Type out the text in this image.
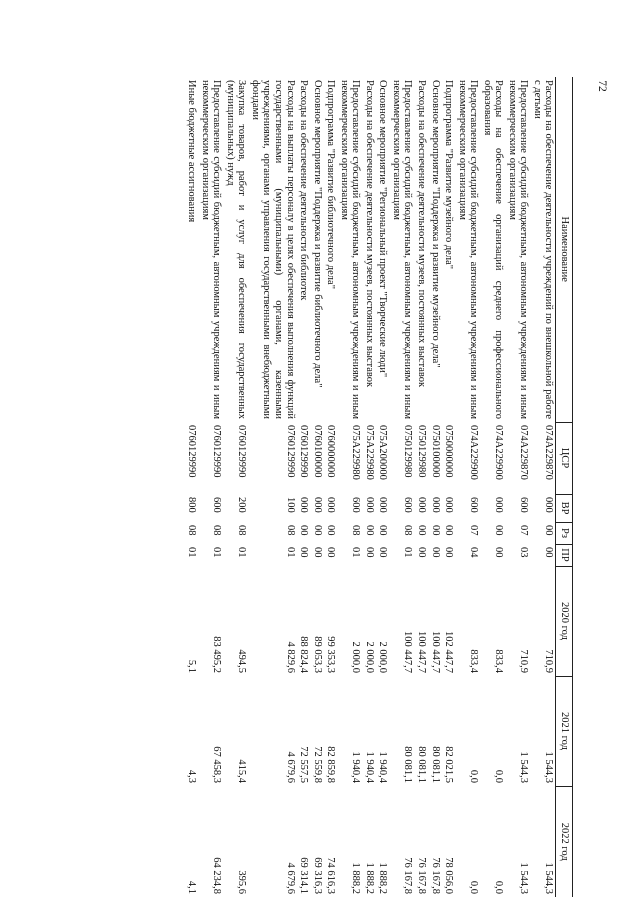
72
Наименование	ЦСР	ВР	Рз	ПР	2020 год	2021 год	2022 год
Расходы на обеспечение деятельности учреждений по внешкольной работе с детьми	074A229870	000	00	00	710,9	1 544,3	1 544,3
Предоставление субсидий бюджетным, автономным учреждениям и иным некоммерческим организациям	074A229870	600	07	03	710,9	1 544,3	1 544,3
Расходы на обеспечение организаций среднего профессионального образования	074A229900	000	00	00	833,4	0,0	0,0
Предоставление субсидий бюджетным, автономным учреждениям и иным некоммерческим организациям	074A229900	600	07	04	833,4	0,0	0,0
Подпрограмма "Развитие музейного дела"	0750000000	000	00	00	102 447,7	82 021,5	78 056,0
Основное мероприятие "Поддержка и развитие музейного дела"	0750100000	000	00	00	100 447,7	80 081,1	76 167,8
Расходы на обеспечение деятельности музеев, постоянных выставок	0750129980	000	00	00	100 447,7	80 081,1	76 167,8
Предоставление субсидий бюджетным, автономным учреждениям и иным некоммерческим организациям	0750129980	600	08	01	100 447,7	80 081,1	76 167,8
Основное мероприятие "Региональный проект "Творческие люди"	075A200000	000	00	00	2 000,0	1 940,4	1 888,2
Расходы на обеспечение деятельности музеев, постоянных выставок	075A229980	000	00	00	2 000,0	1 940,4	1 888,2
Предоставление субсидий бюджетным, автономным учреждениям и иным некоммерческим организациям	075A229980	600	08	01	2 000,0	1 940,4	1 888,2
Подпрограмма "Развитие библиотечного дела"	0760000000	000	00	00	99 353,3	82 859,8	74 616,3
Основное мероприятие "Поддержка и развитие библиотечного дела"	0760100000	000	00	00	89 053,3	72 559,8	69 316,3
Расходы на обеспечение деятельности библиотек	0760129990	000	00	00	88 824,4	72 557,5	69 314,1
Расходы на выплаты персоналу в целях обеспечения выполнения функций государственными (муниципальными) органами, казенными учреждениями, органами управления государственными внебюджетными фондами	0760129990	100	08	01	4 829,6	4 679,6	4 679,6
Закупка товаров, работ и услуг для обеспечения государственных (муниципальных) нужд	0760129990	200	08	01	494,5	415,4	395,6
Предоставление субсидий бюджетным, автономным учреждениям и иным некоммерческим организациям	0760129990	600	08	01	83 495,2	67 458,3	64 234,8
Иные бюджетные ассигнования	0760129990	800	08	01	5,1	4,3	4,1
